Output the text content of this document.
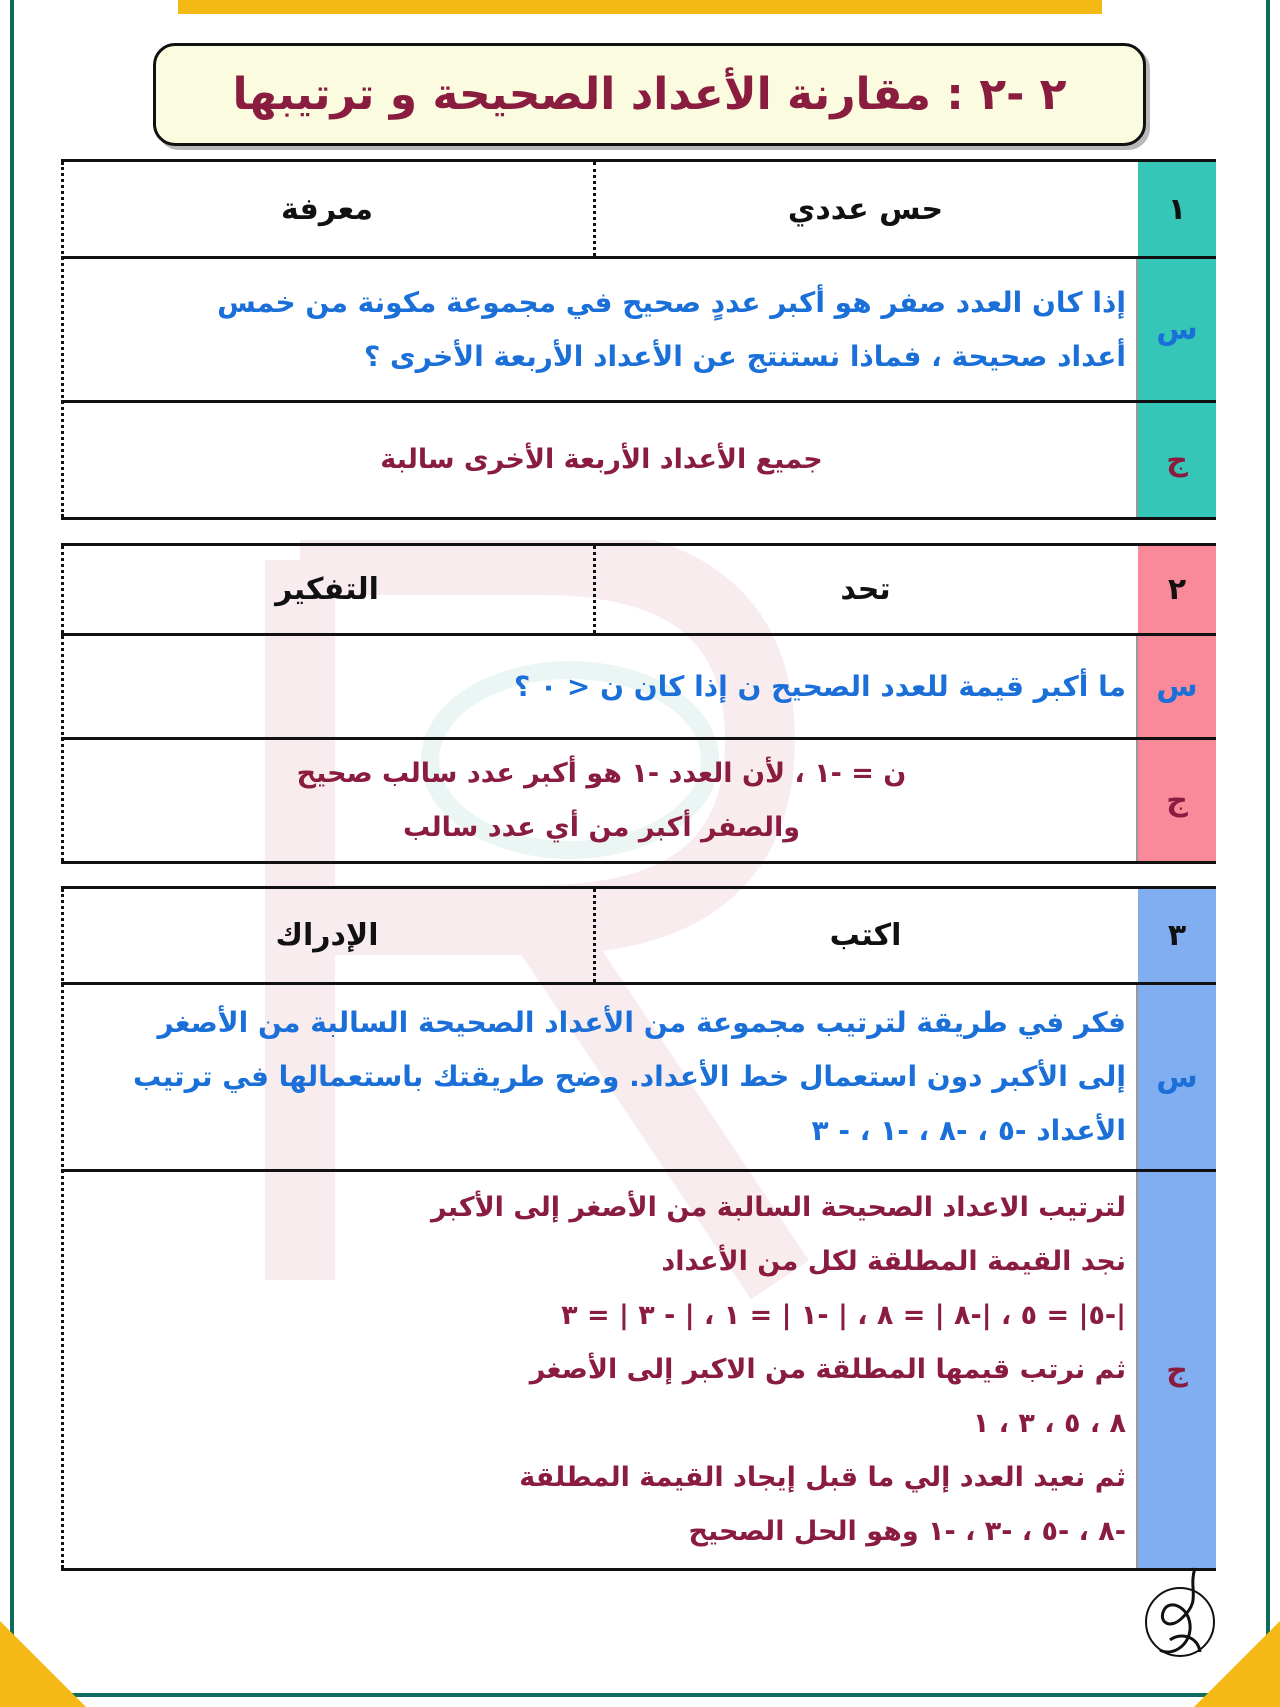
٢ -٢ : مقارنة الأعداد الصحيحة و ترتيبها
١
حس عددي
معرفة
س
إذا كان العدد صفر هو أكبر عددٍ صحيح في مجموعة مكونة من خمس
أعداد صحيحة ، فماذا نستنتج عن الأعداد الأربعة الأخرى ؟
ج
جميع الأعداد الأربعة الأخرى سالبة
٢
تحد
التفكير
س
ما أكبر قيمة للعدد الصحيح ن إذا كان ن < ٠ ؟
ج
ن = -١ ، لأن العدد -١ هو أكبر عدد سالب صحيح
والصفر أكبر من أي عدد سالب
٣
اكتب
الإدراك
س
فكر في طريقة لترتيب مجموعة من الأعداد الصحيحة السالبة من الأصغر
إلى الأكبر دون استعمال خط الأعداد. وضح طريقتك باستعمالها في ترتيب
الأعداد -٥ ، -٨ ، -١ ، - ٣
ج
لترتيب الاعداد الصحيحة السالبة من الأصغر إلى الأكبر
نجد القيمة المطلقة لكل من الأعداد
|-٥| = ٥ ، |-٨ | = ٨ ، | -١ | = ١ ، | - ٣ | = ٣
ثم نرتب قيمها المطلقة من الاكبر إلى الأصغر
٨ ، ٥ ، ٣ ، ١
ثم نعيد العدد إلي ما قبل إيجاد القيمة المطلقة
-٨ ، -٥ ، -٣ ، -١ وهو الحل الصحيح
